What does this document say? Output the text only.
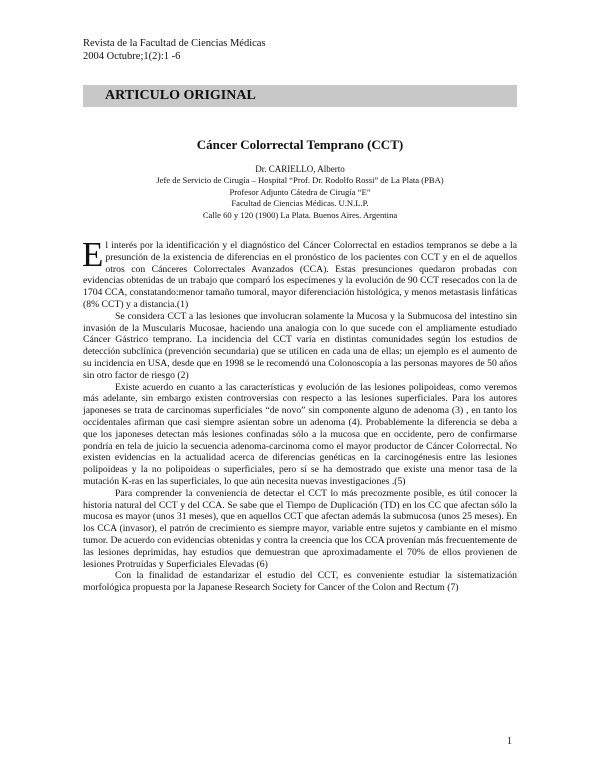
Revista de la Facultad de Ciencias Médicas
2004 Octubre;1(2):1 -6
ARTICULO ORIGINAL
Cáncer Colorrectal Temprano (CCT)
Dr. CARIELLO, Alberto
Jefe de Servicio de Cirugía – Hospital “Prof. Dr. Rodolfo Rossi” de La Plata (PBA)
Profesor Adjunto Cátedra de Cirugía “E”
Facultad de Ciencias Médicas. U.N.L.P.
Calle 60 y 120 (1900) La Plata. Buenos Aires. Argentina

El interés por la identificación y el diagnóstico del Cáncer Colorrectal en estadios tempranos se debe a la presunción de la existencia de diferencias en el pronóstico de los pacientes con CCT y en el de aquellos otros con Cánceres Colorrectales Avanzados (CCA). Estas presunciones quedaron probadas con evidencias obtenidas de un trabajo que comparó los especímenes y la evolución de 90 CCT resecados con la de 1704 CCA, constatando:menor tamaño tumoral, mayor diferenciación histológica, y menos metastasis linfáticas (8% CCT) y a distancia.(1)

Se considera CCT a las lesiones que involucran solamente la Mucosa y la Submucosa del intestino sin invasión de la Muscularis Mucosae, haciendo una analogía con lo que sucede con el ampliamente estudiado Cáncer Gástrico temprano. La incidencia del CCT varía en distintas comunidades según los estudios de detección subclínica (prevención secundaria) que se utilicen en cada una de ellas; un ejemplo es el aumento de su incidencia en USA, desde que en 1998 se le recomendó una Colonoscopía a las personas mayores de 50 años sin otro factor de riesgo (2)

Existe acuerdo en cuanto a las características y evolución de las lesiones polipoideas, como veremos más adelante, sin embargo existen controversias con respecto a las lesiones superficiales. Para los autores japoneses se trata de carcinomas superficiales “de novo” sin componente alguno de adenoma (3) , en tanto los occidentales afirman que casi siempre asientan sobre un adenoma (4). Probablemente la diferencia se deba a que los japoneses detectan más lesiones confinadas sólo a la mucosa que en occidente, pero de confirmarse pondría en tela de juicio la secuencia adenoma-carcinoma como el mayor productor de Cáncer Colorrectal. No existen evidencias en la actualidad acerca de diferencias genéticas en la carcinogénesis entre las lesiones polipoideas y la no polipoideas o superficiales, pero sí se ha demostrado que existe una menor tasa de la mutación K-ras en las superficiales, lo que aún necesita nuevas investigaciones .(5)

Para comprender la conveniencia de detectar el CCT lo más precozmente posible, es útil conocer la historia natural del CCT y del CCA. Se sabe que el Tiempo de Duplicación (TD) en los CC que afectan sólo la mucosa es mayor (unos 31 meses), que en aquellos CCT que afectan además la submucosa (unos 25 meses). En los CCA (invasor), el patrón de crecimiento es siempre mayor, variable entre sujetos y cambiante en el mismo tumor. De acuerdo con evidencias obtenidas y contra la creencia que los CCA provenían más frecuentemente de las lesiones deprimidas, hay estudios que demuestran que aproximadamente el 70% de ellos provienen de lesiones Protruídas y Superficiales Elevadas (6)

Con la finalidad de estandarizar el estudio del CCT, es conveniente estudiar la sistematización morfológica propuesta por la Japanese Research Society for Cancer of the Colon and Rectum (7)

1
